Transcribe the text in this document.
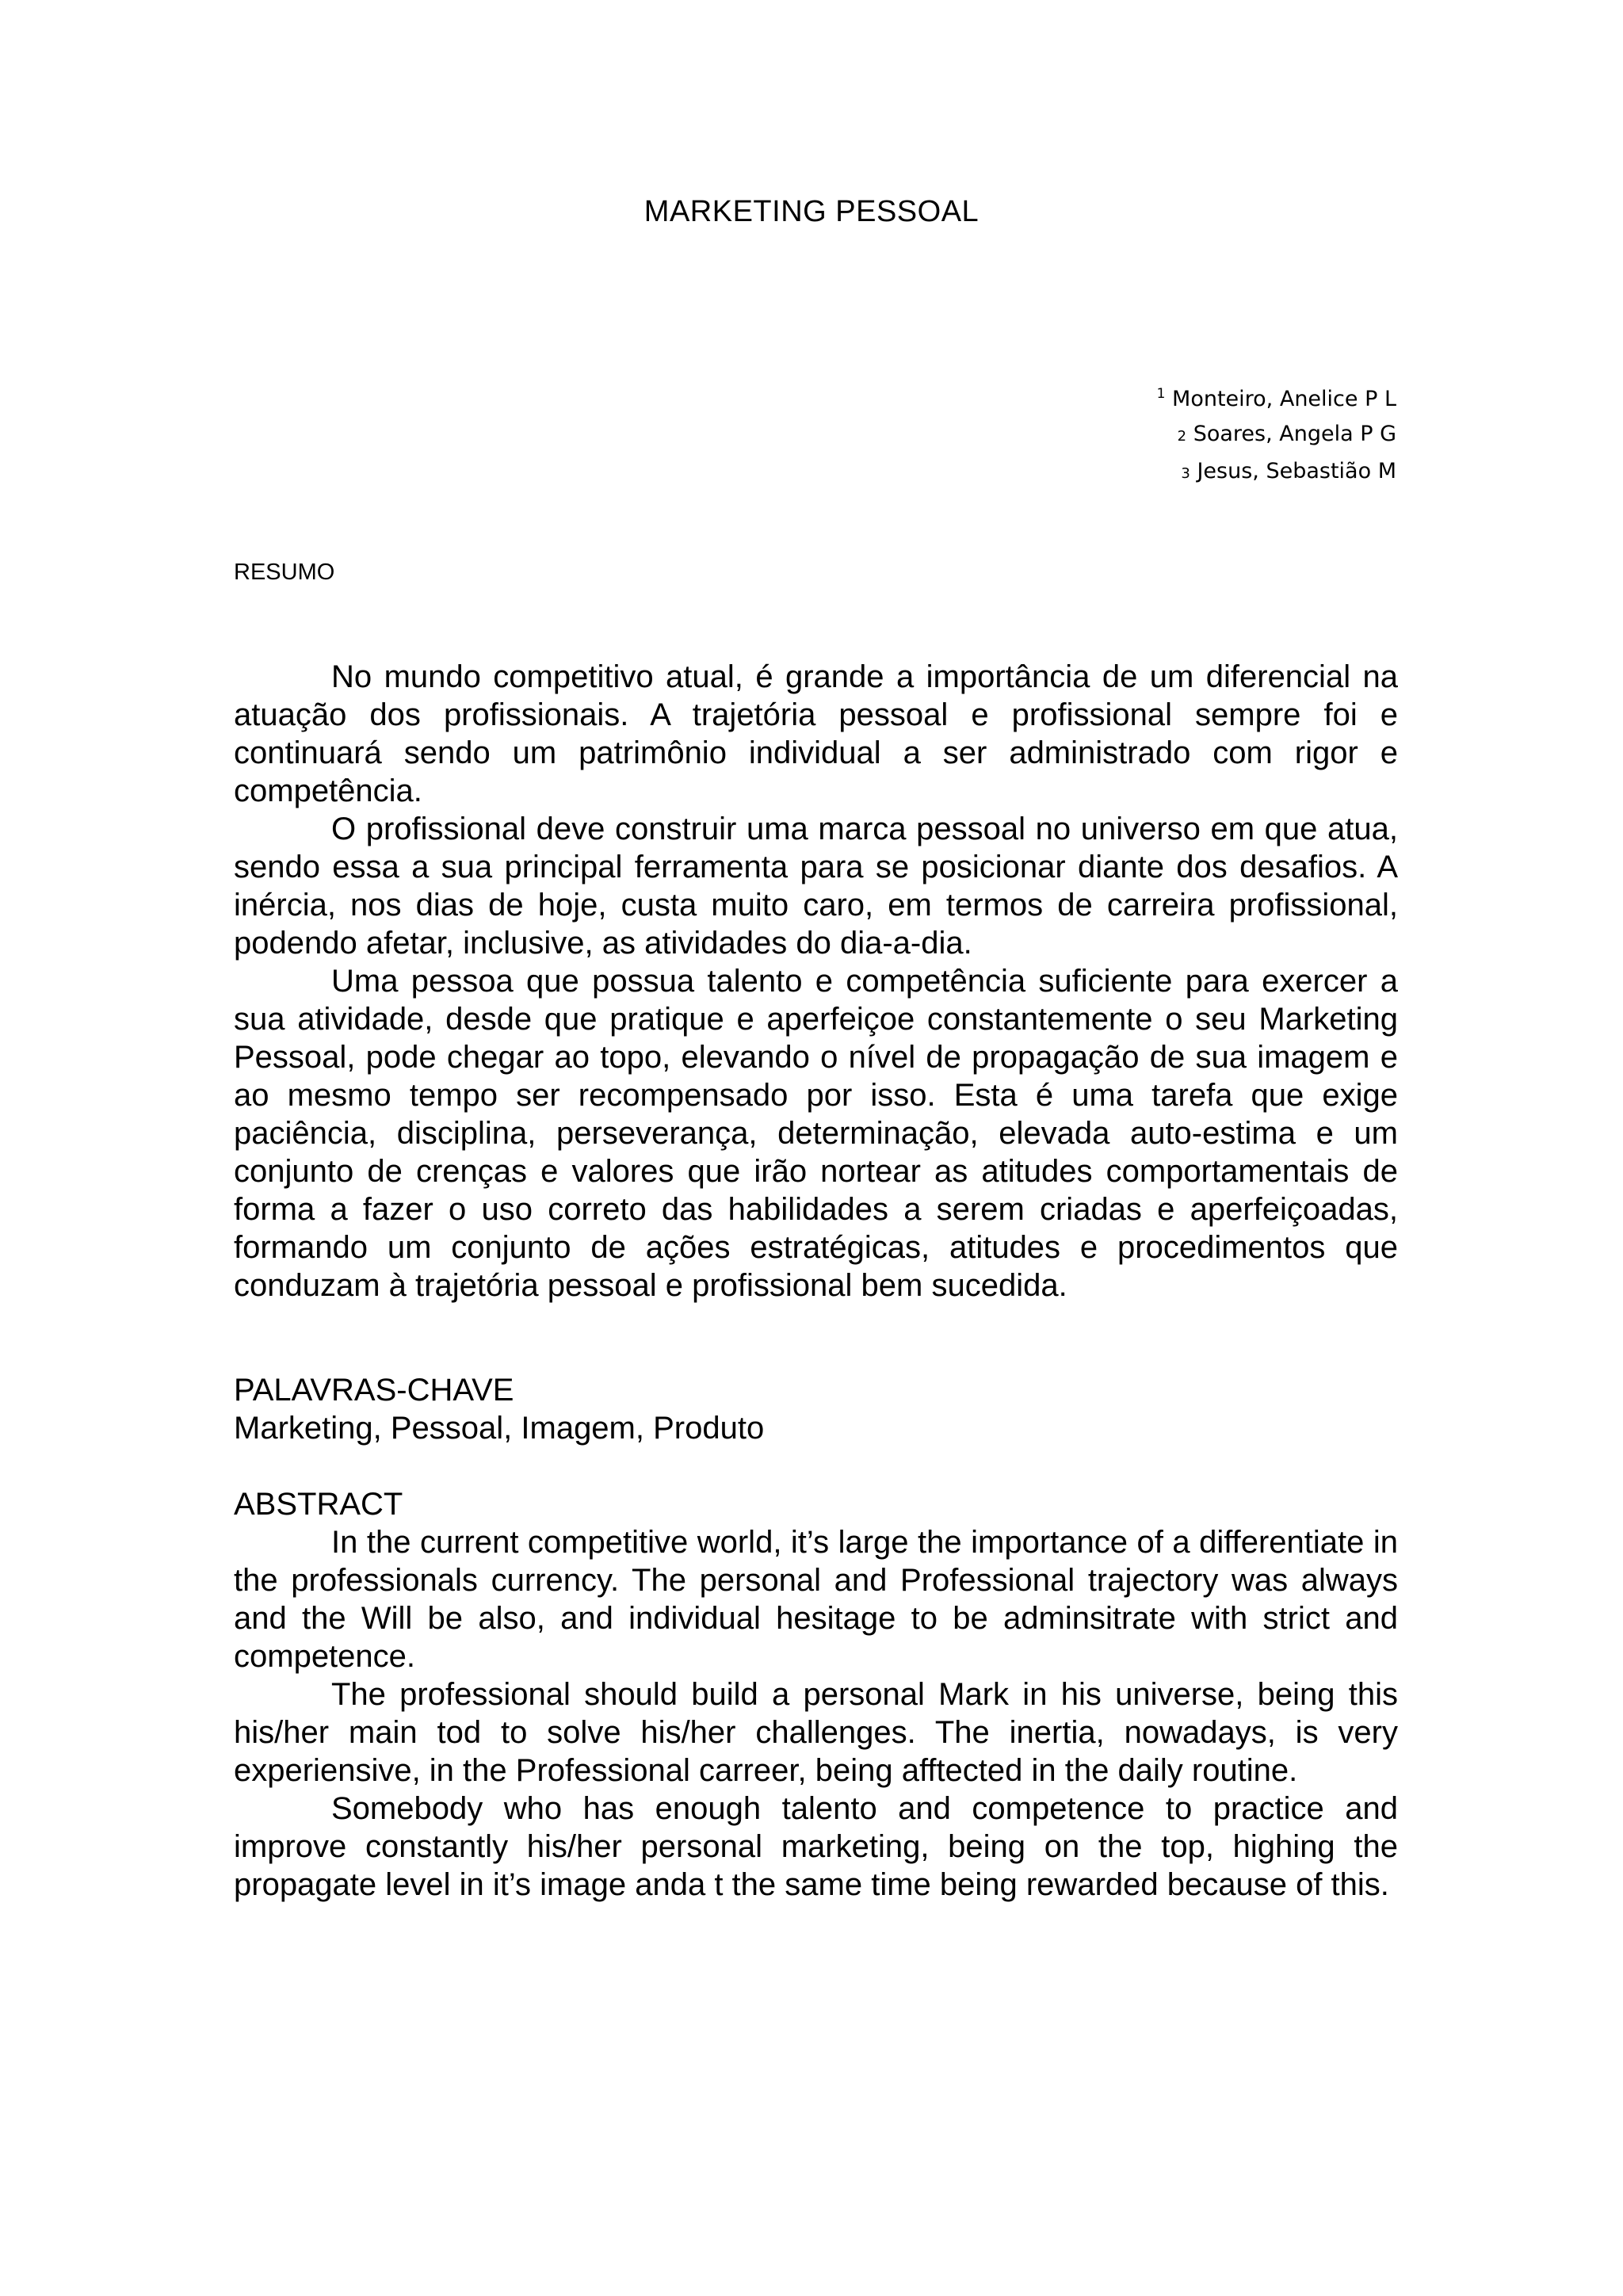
MARKETING PESSOAL
$^1$ Monteiro, Anelice P L
2 Soares, Angela P G
3 Jesus, Sebastião M
RESUMO

No mundo competitivo atual, é grande a importância de um diferencial na atuação dos profissionais. A trajetória pessoal e profissional sempre foi e continuará sendo um patrimônio individual a ser administrado com rigor e competência.

O profissional deve construir uma marca pessoal no universo em que atua, sendo essa a sua principal ferramenta para se posicionar diante dos desafios. A inércia, nos dias de hoje, custa muito caro, em termos de carreira profissional, podendo afetar, inclusive, as atividades do dia-a-dia.

Uma pessoa que possua talento e competência suficiente para exercer a sua atividade, desde que pratique e aperfeiçoe constantemente o seu Marketing Pessoal, pode chegar ao topo, elevando o nível de propagação de sua imagem e ao mesmo tempo ser recompensado por isso. Esta é uma tarefa que exige paciência, disciplina, perseverança, determinação, elevada auto-estima e um conjunto de crenças e valores que irão nortear as atitudes comportamentais de forma a fazer o uso correto das habilidades a serem criadas e aperfeiçoadas, formando um conjunto de ações estratégicas, atitudes e procedimentos que conduzam à trajetória pessoal e profissional bem sucedida.

PALAVRAS-CHAVE
Marketing, Pessoal, Imagem, Produto
ABSTRACT

In the current competitive world, it’s large the importance of a differentiate in the professionals currency. The personal and Professional trajectory was always and the Will be also, and individual hesitage to be adminsitrate with strict and competence.

The professional should build a personal Mark in his universe, being this his/her main tod to solve his/her challenges. The inertia, nowadays, is very experiensive, in the Professional carreer, being afftected in the daily routine.

Somebody who has enough talento and competence to practice and improve constantly his/her personal marketing, being on the top, highing the propagate level in it’s image anda t the same time being rewarded because of this.
